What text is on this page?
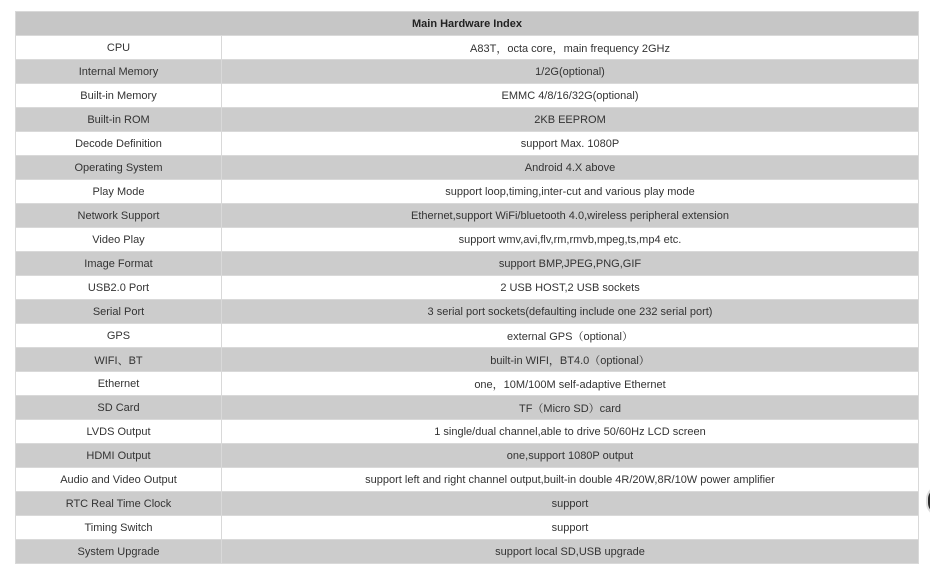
Main Hardware Index	
CPU	A83T，octa core，main frequency 2GHz
Internal Memory	1/2G(optional)
Built-in Memory	EMMC 4/8/16/32G(optional)
Built-in ROM	2KB EEPROM
Decode Definition	support Max. 1080P
Operating System	Android 4.X above
Play Mode	support loop,timing,inter-cut and various play mode
Network Support	Ethernet,support WiFi/bluetooth 4.0,wireless peripheral extension
Video Play	support wmv,avi,flv,rm,rmvb,mpeg,ts,mp4 etc.
Image Format	support BMP,JPEG,PNG,GIF
USB2.0 Port	2 USB HOST,2 USB sockets
Serial Port	3 serial port sockets(defaulting include one 232 serial port)
GPS	external GPS（optional）
WIFI、BT	built-in WIFI，BT4.0（optional）
Ethernet	one，10M/100M self-adaptive Ethernet
SD Card	TF（Micro SD）card
LVDS Output	1 single/dual channel,able to drive 50/60Hz LCD screen
HDMI Output	one,support 1080P output
Audio and Video Output	support left and right channel output,built-in double 4R/20W,8R/10W power amplifier
RTC Real Time Clock	support
Timing Switch	support
System Upgrade	support local SD,USB upgrade
